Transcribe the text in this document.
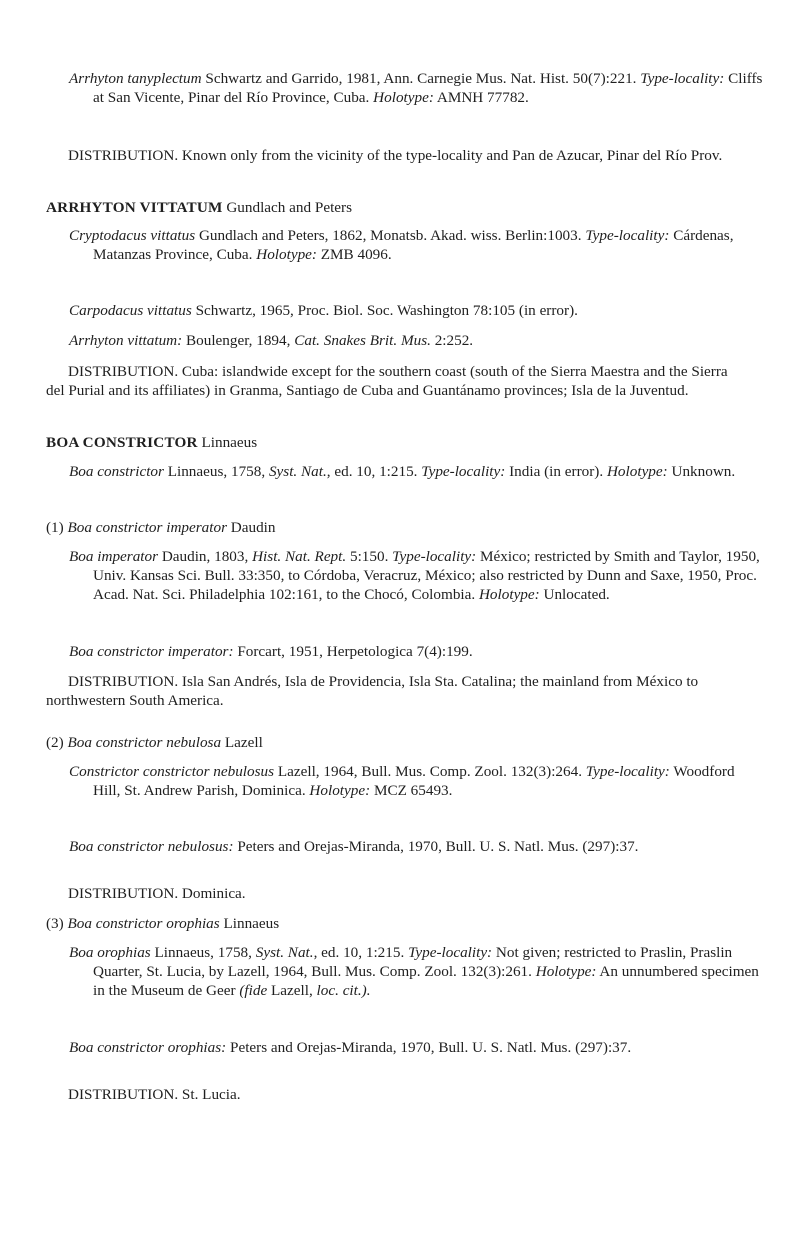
Arrhyton tanyplectum Schwartz and Garrido, 1981, Ann. Carnegie Mus. Nat. Hist. 50(7):221. Type-locality: Cliffs at San Vicente, Pinar del Río Province, Cuba. Holotype: AMNH 77782.

DISTRIBUTION. Known only from the vicinity of the type-locality and Pan de Azucar, Pinar del Río Prov.

ARRHYTON VITTATUM Gundlach and Peters

Cryptodacus vittatus Gundlach and Peters, 1862, Monatsb. Akad. wiss. Berlin:1003. Type-locality: Cárdenas, Matanzas Province, Cuba. Holotype: ZMB 4096.

Carpodacus vittatus Schwartz, 1965, Proc. Biol. Soc. Washington 78:105 (in error).

Arrhyton vittatum: Boulenger, 1894, Cat. Snakes Brit. Mus. 2:252.

DISTRIBUTION. Cuba: islandwide except for the southern coast (south of the Sierra Maestra and the Sierra del Purial and its affiliates) in Granma, Santiago de Cuba and Guantánamo provinces; Isla de la Juventud.

BOA CONSTRICTOR Linnaeus

Boa constrictor Linnaeus, 1758, Syst. Nat., ed. 10, 1:215. Type-locality: India (in error). Holotype: Unknown.

(1) Boa constrictor imperator Daudin

Boa imperator Daudin, 1803, Hist. Nat. Rept. 5:150. Type-locality: México; restricted by Smith and Taylor, 1950, Univ. Kansas Sci. Bull. 33:350, to Córdoba, Veracruz, México; also restricted by Dunn and Saxe, 1950, Proc. Acad. Nat. Sci. Philadelphia 102:161, to the Chocó, Colombia. Holotype: Unlocated.

Boa constrictor imperator: Forcart, 1951, Herpetologica 7(4):199.

DISTRIBUTION. Isla San Andrés, Isla de Providencia, Isla Sta. Catalina; the mainland from México to northwestern South America.

(2) Boa constrictor nebulosa Lazell

Constrictor constrictor nebulosus Lazell, 1964, Bull. Mus. Comp. Zool. 132(3):264. Type-locality: Woodford Hill, St. Andrew Parish, Dominica. Holotype: MCZ 65493.

Boa constrictor nebulosus: Peters and Orejas-Miranda, 1970, Bull. U. S. Natl. Mus. (297):37.

DISTRIBUTION. Dominica.

(3) Boa constrictor orophias Linnaeus

Boa orophias Linnaeus, 1758, Syst. Nat., ed. 10, 1:215. Type-locality: Not given; restricted to Praslin, Praslin Quarter, St. Lucia, by Lazell, 1964, Bull. Mus. Comp. Zool. 132(3):261. Holotype: An unnumbered specimen in the Museum de Geer (fide Lazell, loc. cit.).

Boa constrictor orophias: Peters and Orejas-Miranda, 1970, Bull. U. S. Natl. Mus. (297):37.

DISTRIBUTION. St. Lucia.
